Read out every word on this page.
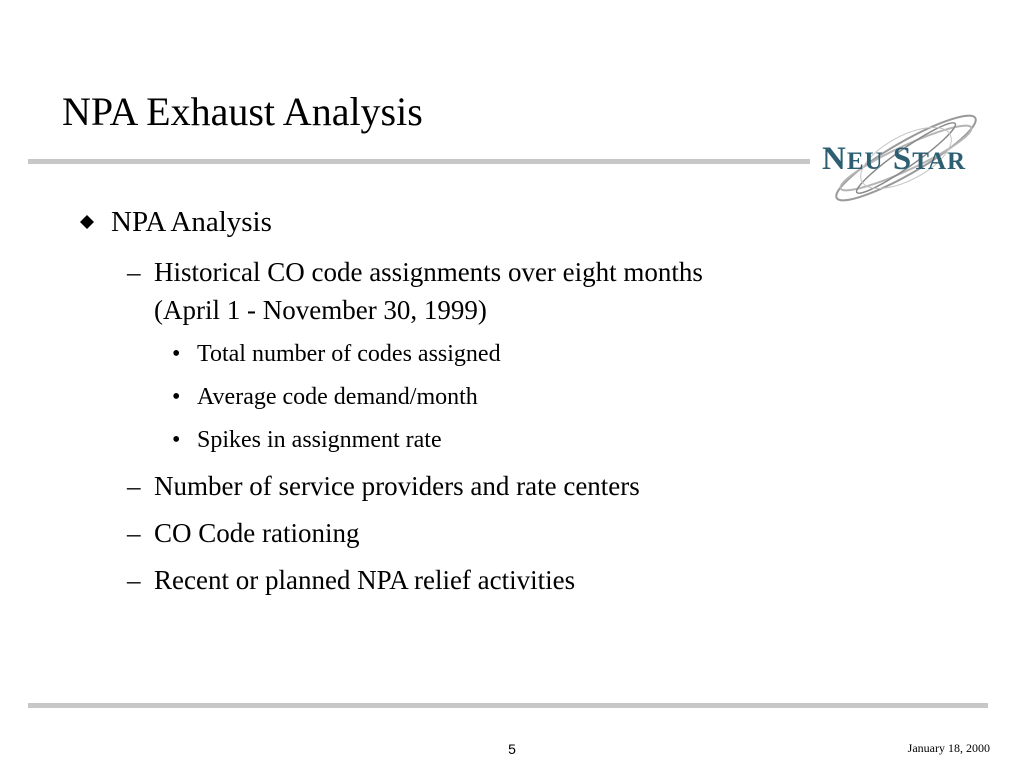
NPA Exhaust Analysis
NEU STAR
NPA Analysis
– Historical CO code assignments over eight months
(April 1 - November 30, 1999)
• Total number of codes assigned
• Average code demand/month
• Spikes in assignment rate
– Number of service providers and rate centers
– CO Code rationing
– Recent or planned NPA relief activities
5	January 18, 2000
